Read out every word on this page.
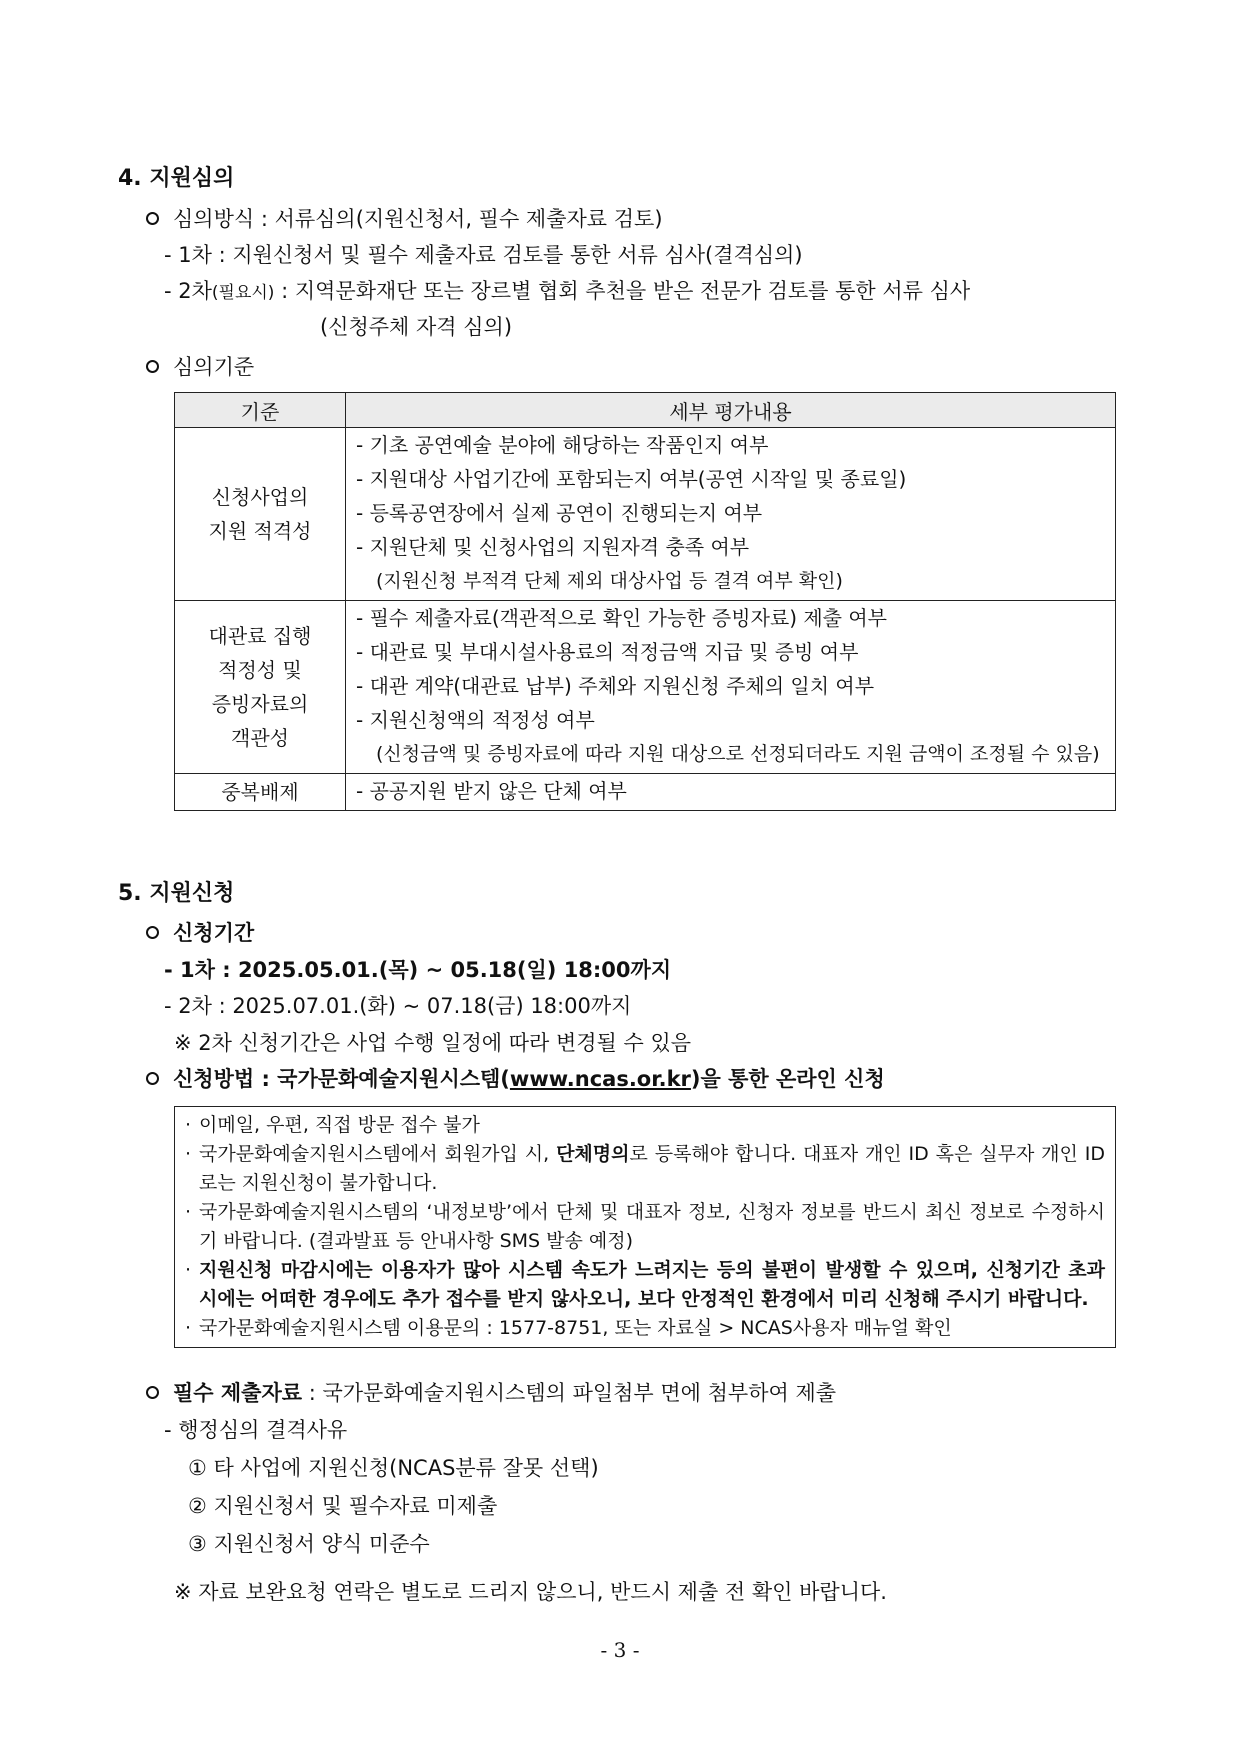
4. 지원심의
심의방식 : 서류심의(지원신청서, 필수 제출자료 검토)
- 1차 : 지원신청서 및 필수 제출자료 검토를 통한 서류 심사(결격심의)
- 2차(필요시) : 지역문화재단 또는 장르별 협회 추천을 받은 전문가 검토를 통한 서류 심사
(신청주체 자격 심의)
심의기준
기준	세부 평가내용

신청사업의
지원 적격성	- 기초 공연예술 분야에 해당하는 작품인지 여부
- 지원대상 사업기간에 포함되는지 여부(공연 시작일 및 종료일)
- 등록공연장에서 실제 공연이 진행되는지 여부
- 지원단체 및 신청사업의 지원자격 충족 여부
(지원신청 부적격 단체 제외 대상사업 등 결격 여부 확인)

대관료 집행
적정성 및
증빙자료의
객관성	- 필수 제출자료(객관적으로 확인 가능한 증빙자료) 제출 여부
- 대관료 및 부대시설사용료의 적정금액 지급 및 증빙 여부
- 대관 계약(대관료 납부) 주체와 지원신청 주체의 일치 여부
- 지원신청액의 적정성 여부
(신청금액 및 증빙자료에 따라 지원 대상으로 선정되더라도 지원 금액이 조정될 수 있음)

중복배제	- 공공지원 받지 않은 단체 여부
5. 지원신청
신청기간
- 1차 : 2025.05.01.(목) ~ 05.18(일) 18:00까지
- 2차 : 2025.07.01.(화) ~ 07.18(금) 18:00까지
※ 2차 신청기간은 사업 수행 일정에 따라 변경될 수 있음
신청방법 : 국가문화예술지원시스템(www.ncas.or.kr)을 통한 온라인 신청
· 이메일, 우편, 직접 방문 접수 불가
· 국가문화예술지원시스템에서 회원가입 시, 단체명의로 등록해야 합니다. 대표자 개인 ID 혹은 실무자 개인 ID로는 지원신청이 불가합니다.
· 국가문화예술지원시스템의 ‘내정보방’에서 단체 및 대표자 정보, 신청자 정보를 반드시 최신 정보로 수정하시기 바랍니다. (결과발표 등 안내사항 SMS 발송 예정)
· 지원신청 마감시에는 이용자가 많아 시스템 속도가 느려지는 등의 불편이 발생할 수 있으며, 신청기간 초과 시에는 어떠한 경우에도 추가 접수를 받지 않사오니, 보다 안정적인 환경에서 미리 신청해 주시기 바랍니다.
· 국가문화예술지원시스템 이용문의 : 1577-8751, 또는 자료실 > NCAS사용자 매뉴얼 확인
필수 제출자료 : 국가문화예술지원시스템의 파일첨부 면에 첨부하여 제출
- 행정심의 결격사유
① 타 사업에 지원신청(NCAS분류 잘못 선택)
② 지원신청서 및 필수자료 미제출
③ 지원신청서 양식 미준수
※ 자료 보완요청 연락은 별도로 드리지 않으니, 반드시 제출 전 확인 바랍니다.
- 3 -
